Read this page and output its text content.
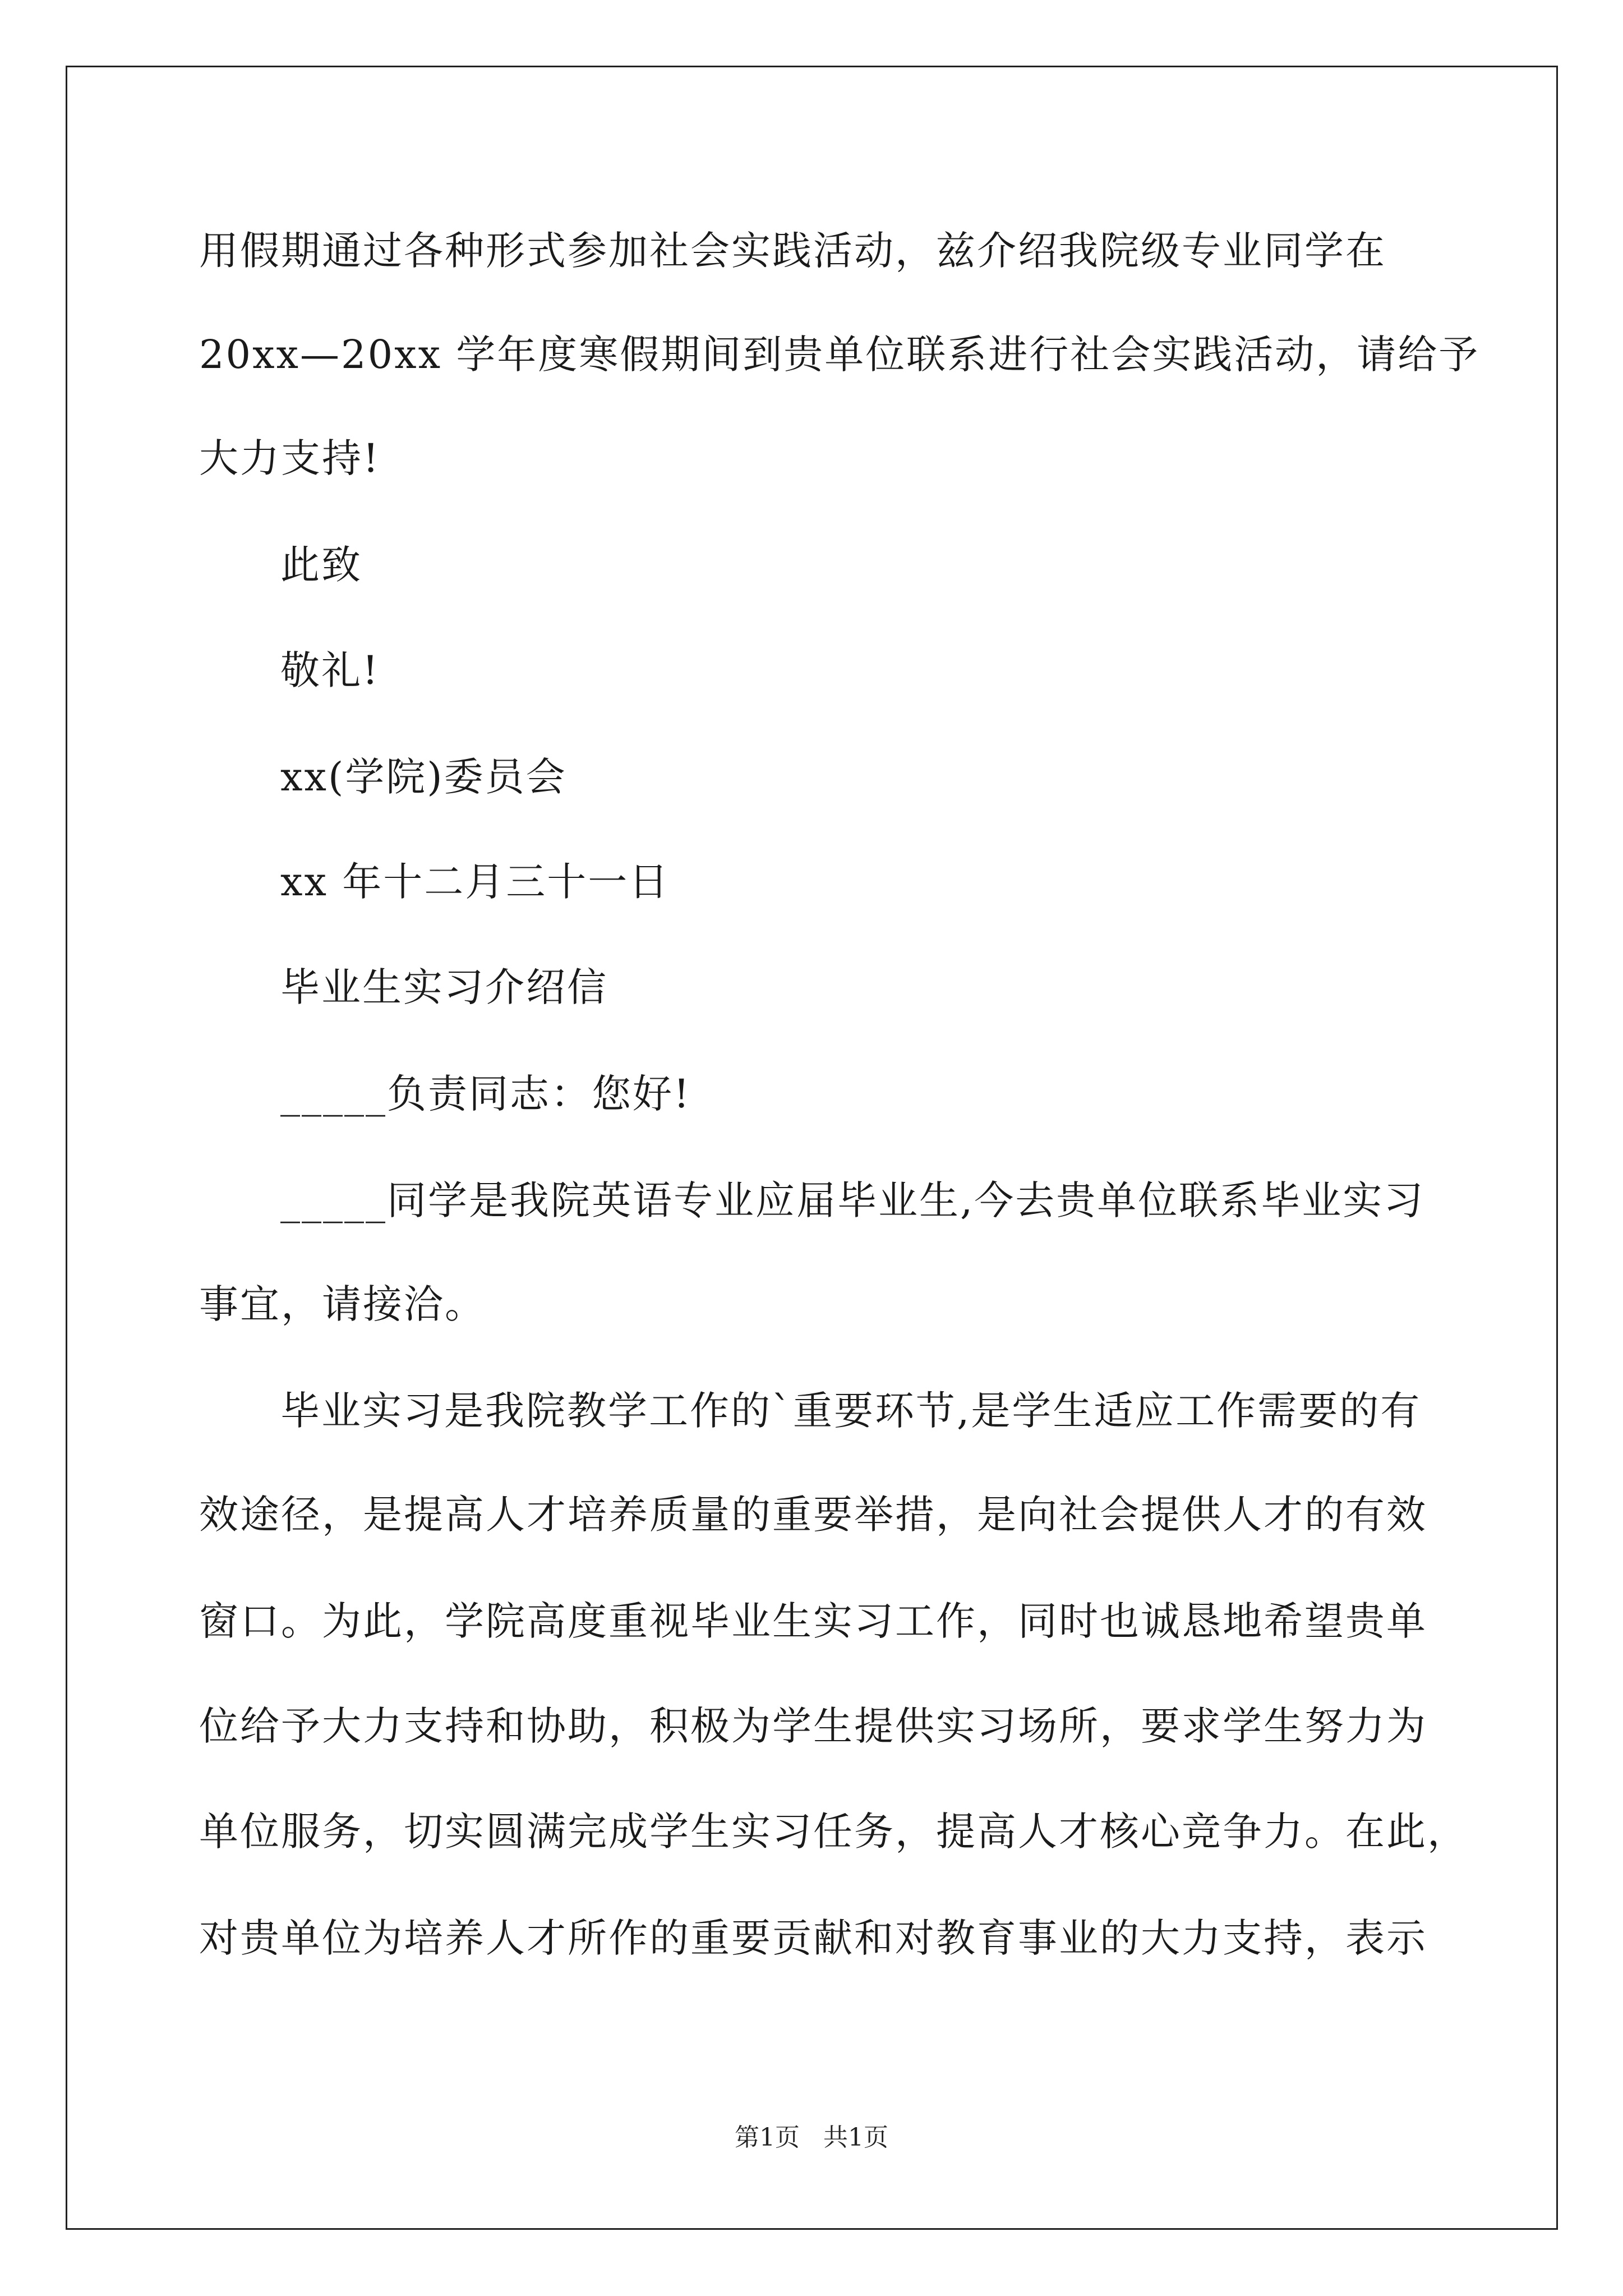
用假期通过各种形式参加社会实践活动，兹介绍我院级专业同学在
20xx—20xx 学年度寒假期间到贵单位联系进行社会实践活动，请给予
大力支持!
此致
敬礼!
xx(学院)委员会
xx 年十二月三十一日
毕业生实习介绍信
_____负责同志：您好!
_____同学是我院英语专业应届毕业生,今去贵单位联系毕业实习
事宜，请接洽。
毕业实习是我院教学工作的`重要环节,是学生适应工作需要的有
效途径，是提高人才培养质量的重要举措，是向社会提供人才的有效
窗口。为此，学院高度重视毕业生实习工作，同时也诚恳地希望贵单
位给予大力支持和协助，积极为学生提供实习场所，要求学生努力为
单位服务，切实圆满完成学生实习任务，提高人才核心竞争力。在此，
对贵单位为培养人才所作的重要贡献和对教育事业的大力支持，表示
第1页   共1页
